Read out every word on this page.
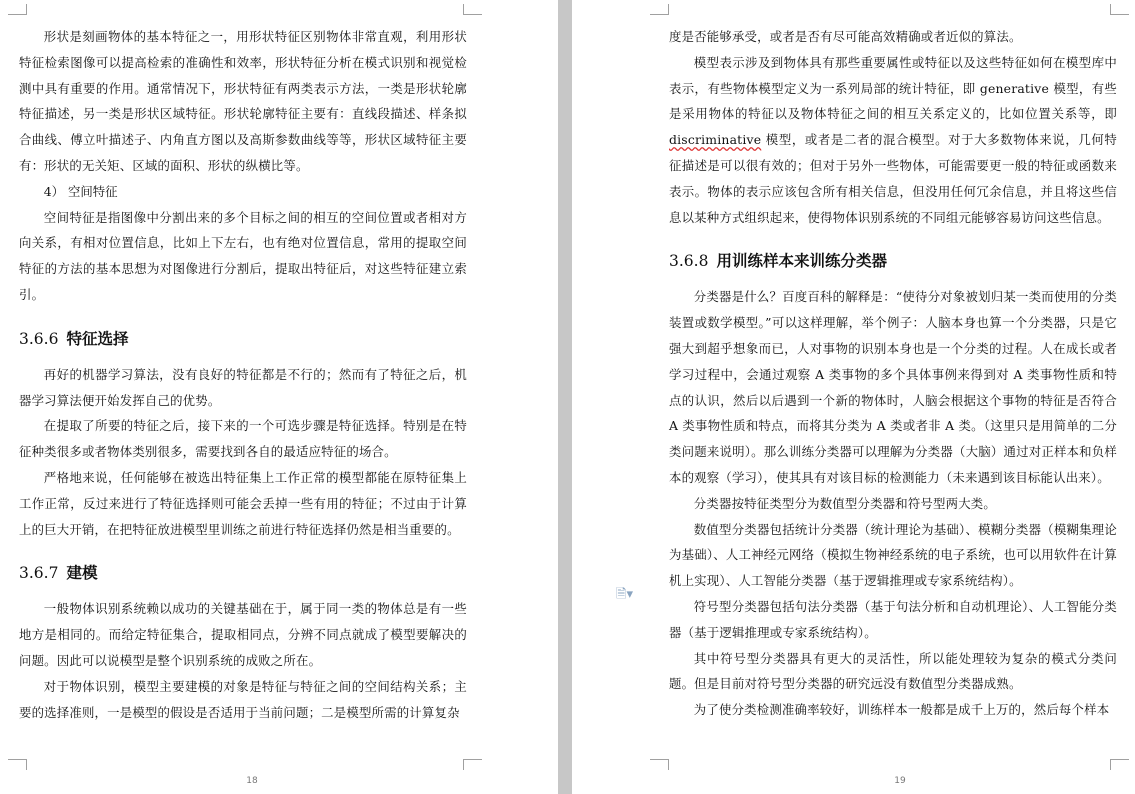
形状是刻画物体的基本特征之一，用形状特征区别物体非常直观，利用形状特征检索图像可以提高检索的准确性和效率，形状特征分析在模式识别和视觉检测中具有重要的作用。通常情况下，形状特征有两类表示方法，一类是形状轮廓特征描述，另一类是形状区域特征。形状轮廓特征主要有：直线段描述、样条拟合曲线、傅立叶描述子、内角直方图以及高斯参数曲线等等，形状区域特征主要有：形状的无关矩、区域的面积、形状的纵横比等。

4） 空间特征

空间特征是指图像中分割出来的多个目标之间的相互的空间位置或者相对方向关系，有相对位置信息，比如上下左右，也有绝对位置信息，常用的提取空间特征的方法的基本思想为对图像进行分割后，提取出特征后，对这些特征建立索引。

3.6.6 特征选择

再好的机器学习算法，没有良好的特征都是不行的；然而有了特征之后，机器学习算法便开始发挥自己的优势。

在提取了所要的特征之后，接下来的一个可选步骤是特征选择。特别是在特征种类很多或者物体类别很多，需要找到各自的最适应特征的场合。

严格地来说，任何能够在被选出特征集上工作正常的模型都能在原特征集上工作正常，反过来进行了特征选择则可能会丢掉一些有用的特征；不过由于计算上的巨大开销，在把特征放进模型里训练之前进行特征选择仍然是相当重要的。

3.6.7 建模

一般物体识别系统赖以成功的关键基础在于，属于同一类的物体总是有一些地方是相同的。而给定特征集合，提取相同点，分辨不同点就成了模型要解决的问题。因此可以说模型是整个识别系统的成败之所在。

对于物体识别，模型主要建模的对象是特征与特征之间的空间结构关系；主要的选择准则，一是模型的假设是否适用于当前问题；二是模型所需的计算复杂

18
🗎▾

度是否能够承受，或者是否有尽可能高效精确或者近似的算法。

模型表示涉及到物体具有那些重要属性或特征以及这些特征如何在模型库中表示，有些物体模型定义为一系列局部的统计特征，即 generative 模型，有些是采用物体的特征以及物体特征之间的相互关系定义的，比如位置关系等，即 discriminative 模型，或者是二者的混合模型。对于大多数物体来说，几何特征描述是可以很有效的；但对于另外一些物体，可能需要更一般的特征或函数来表示。物体的表示应该包含所有相关信息，但没用任何冗余信息，并且将这些信息以某种方式组织起来，使得物体识别系统的不同组元能够容易访问这些信息。

3.6.8 用训练样本来训练分类器

分类器是什么？百度百科的解释是：“使待分对象被划归某一类而使用的分类装置或数学模型。”可以这样理解，举个例子：人脑本身也算一个分类器，只是它强大到超乎想象而已，人对事物的识别本身也是一个分类的过程。人在成长或者学习过程中，会通过观察 A 类事物的多个具体事例来得到对 A 类事物性质和特点的认识，然后以后遇到一个新的物体时，人脑会根据这个事物的特征是否符合 A 类事物性质和特点，而将其分类为 A 类或者非 A 类。（这里只是用简单的二分类问题来说明）。那么训练分类器可以理解为分类器（大脑）通过对正样本和负样本的观察（学习），使其具有对该目标的检测能力（未来遇到该目标能认出来）。

分类器按特征类型分为数值型分类器和符号型两大类。

数值型分类器包括统计分类器（统计理论为基础）、模糊分类器（模糊集理论为基础）、人工神经元网络（模拟生物神经系统的电子系统，也可以用软件在计算机上实现）、人工智能分类器（基于逻辑推理或专家系统结构）。

符号型分类器包括句法分类器（基于句法分析和自动机理论）、人工智能分类器（基于逻辑推理或专家系统结构）。

其中符号型分类器具有更大的灵活性，所以能处理较为复杂的模式分类问题。但是目前对符号型分类器的研究远没有数值型分类器成熟。

为了使分类检测准确率较好，训练样本一般都是成千上万的，然后每个样本

19
